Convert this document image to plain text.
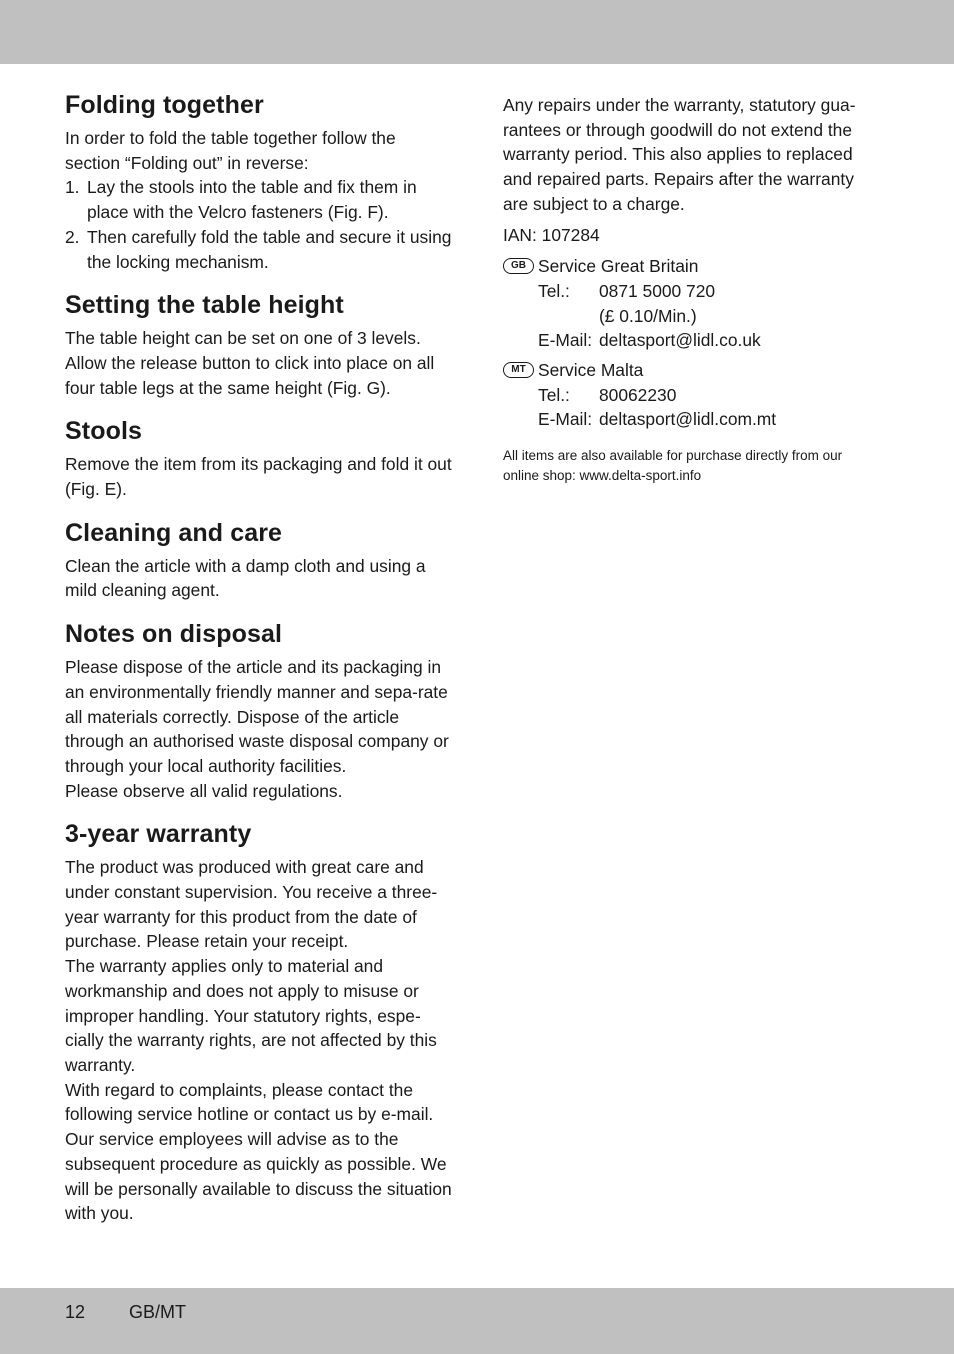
Folding together

In order to fold the table together follow the section “Folding out” in reverse:

1. Lay the stools into the table and fix them in place with the Velcro fasteners (Fig. F).
2. Then carefully fold the table and secure it using the locking mechanism.
Setting the table height

The table height can be set on one of 3 levels. Allow the release button to click into place on all four table legs at the same height (Fig. G).

Stools

Remove the item from its packaging and fold it out (Fig. E).

Cleaning and care

Clean the article with a damp cloth and using a mild cleaning agent.

Notes on disposal

Please dispose of the article and its packaging in an environmentally friendly manner and sepa-rate all materials correctly. Dispose of the article through an authorised waste disposal company or through your local authority facilities.

Please observe all valid regulations.

3-year warranty

The product was produced with great care and under constant supervision. You receive a three-year warranty for this product from the date of purchase. Please retain your receipt.

The warranty applies only to material and workmanship and does not apply to misuse or improper handling. Your statutory rights, espe-cially the warranty rights, are not affected by this warranty.

With regard to complaints, please contact the following service hotline or contact us by e-mail. Our service employees will advise as to the subsequent procedure as quickly as possible. We will be personally available to discuss the situation with you.

Any repairs under the warranty, statutory gua-rantees or through goodwill do not extend the warranty period. This also applies to replaced and repaired parts. Repairs after the warranty are subject to a charge.

IAN: 107284

GB Service Great Britain
Tel.: 0871 5000 720
(£ 0.10/Min.)
E-Mail: deltasport@lidl.co.uk
MT Service Malta
Tel.: 80062230
E-Mail: deltasport@lidl.com.mt

All items are also available for purchase directly from our online shop: www.delta-sport.info

12 GB/MT
